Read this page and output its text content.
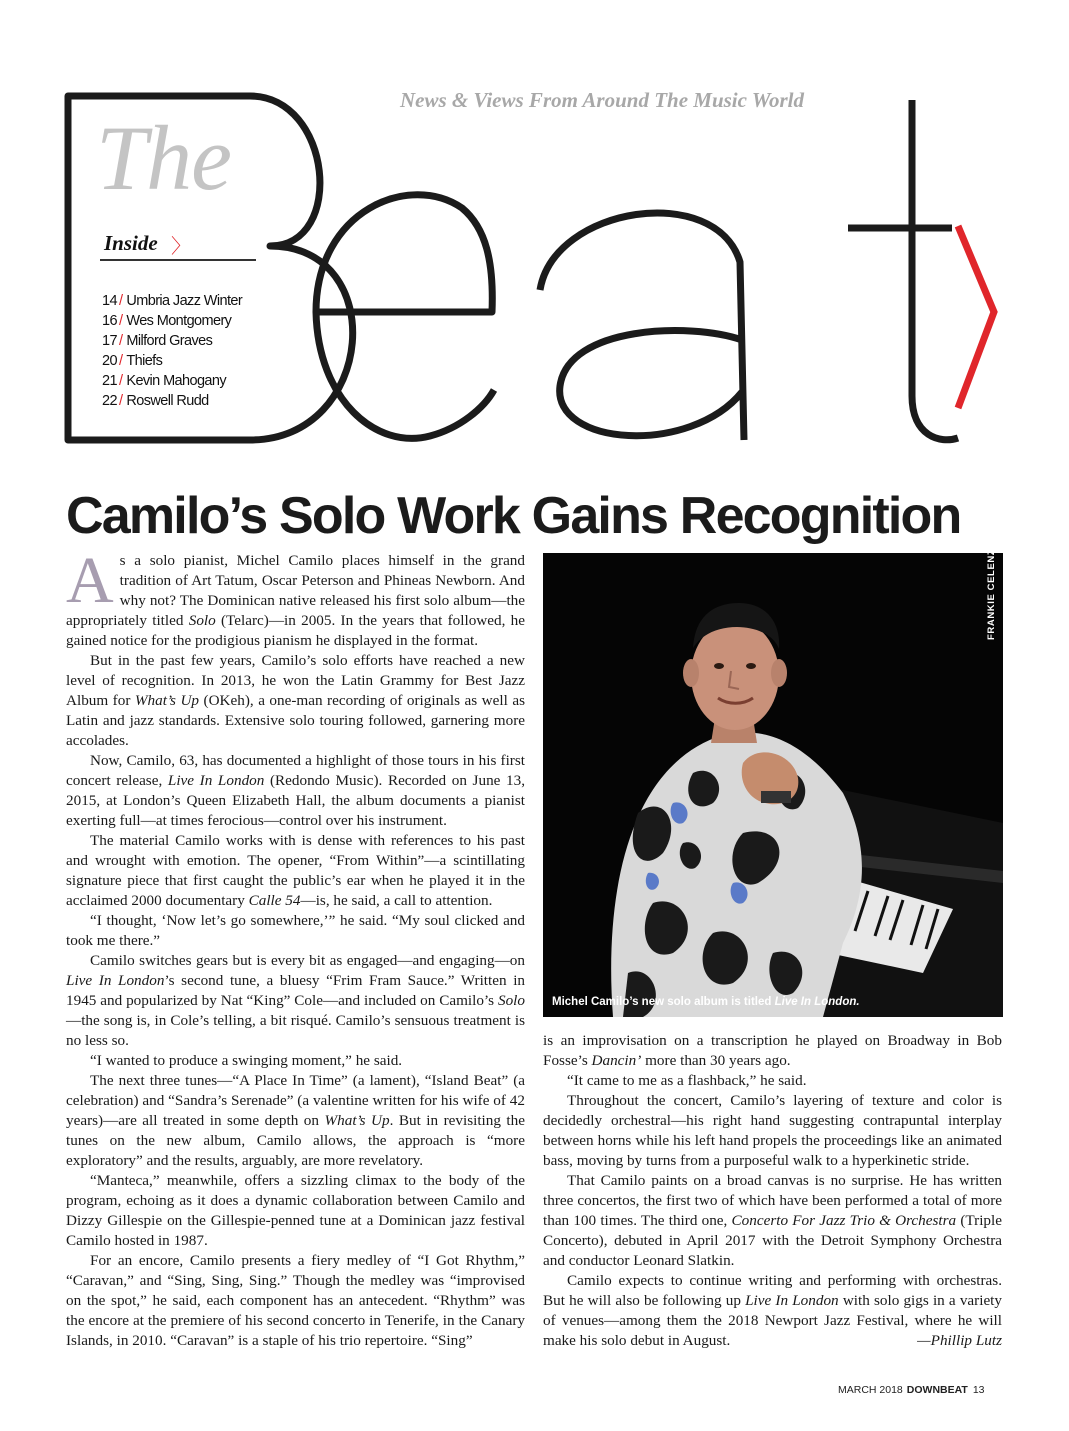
Beat
News & Views From Around The Music World
The
Inside 〉
14 / Umbria Jazz Winter
16 / Wes Montgomery
17 / Milford Graves
20 / Thiefs
21 / Kevin Mahogany
22 / Roswell Rudd
Camilo’s Solo Work Gains Recognition

As a solo pianist, Michel Camilo places himself in the grand tradition of Art Tatum, Oscar Peterson and Phineas Newborn. And why not? The Dominican native released his first solo album—the appropriately titled Solo (Telarc)—in 2005. In the years that followed, he gained notice for the prodigious pianism he displayed in the format.

But in the past few years, Camilo’s solo efforts have reached a new level of recognition. In 2013, he won the Latin Grammy for Best Jazz Album for What’s Up (OKeh), a one-man recording of originals as well as Latin and jazz standards. Extensive solo touring followed, garnering more accolades.

Now, Camilo, 63, has documented a highlight of those tours in his first concert release, Live In London (Redondo Music). Recorded on June 13, 2015, at London’s Queen Elizabeth Hall, the album documents a pianist exerting full—at times ferocious—control over his instrument.

The material Camilo works with is dense with references to his past and wrought with emotion. The opener, “From Within”—a scintillating signature piece that first caught the public’s ear when he played it in the acclaimed 2000 documentary Calle 54—is, he said, a call to attention.

“I thought, ‘Now let’s go somewhere,’” he said. “My soul clicked and took me there.”

Camilo switches gears but is every bit as engaged—and engaging—on Live In London’s second tune, a bluesy “Frim Fram Sauce.” Written in 1945 and popularized by Nat “King” Cole—and included on Camilo’s Solo—the song is, in Cole’s telling, a bit risqué. Camilo’s sensuous treatment is no less so.

“I wanted to produce a swinging moment,” he said.

The next three tunes—“A Place In Time” (a lament), “Island Beat” (a celebration) and “Sandra’s Serenade” (a valentine written for his wife of 42 years)—are all treated in some depth on What’s Up. But in revisiting the tunes on the new album, Camilo allows, the approach is “more exploratory” and the results, arguably, are more revelatory.

“Manteca,” meanwhile, offers a sizzling climax to the body of the program, echoing as it does a dynamic collaboration between Camilo and Dizzy Gillespie on the Gillespie-penned tune at a Dominican jazz festival Camilo hosted in 1987.

For an encore, Camilo presents a fiery medley of “I Got Rhythm,” “Caravan,” and “Sing, Sing, Sing.” Though the medley was “improvised on the spot,” he said, each component has an antecedent. “Rhythm” was the encore at the premiere of his second concerto in Tenerife, in the Canary Islands, in 2010. “Caravan” is a staple of his trio repertoire. “Sing”

FRANKIE CELENZA
Michel Camilo’s new solo album is titled Live In London.

is an improvisation on a transcription he played on Broadway in Bob Fosse’s Dancin’ more than 30 years ago.

“It came to me as a flashback,” he said.

Throughout the concert, Camilo’s layering of texture and color is decidedly orchestral—his right hand suggesting contrapuntal interplay between horns while his left hand propels the proceedings like an animated bass, moving by turns from a purposeful walk to a hyperkinetic stride.

That Camilo paints on a broad canvas is no surprise. He has written three concertos, the first two of which have been performed a total of more than 100 times. The third one, Concerto For Jazz Trio & Orchestra (Triple Concerto), debuted in April 2017 with the Detroit Symphony Orchestra and conductor Leonard Slatkin.

Camilo expects to continue writing and performing with orchestras. But he will also be following up Live In London with solo gigs in a variety of venues—among them the 2018 Newport Jazz Festival, where he will make his solo debut in August.	—Phillip Lutz

MARCH 2018 DOWNBEAT 13
